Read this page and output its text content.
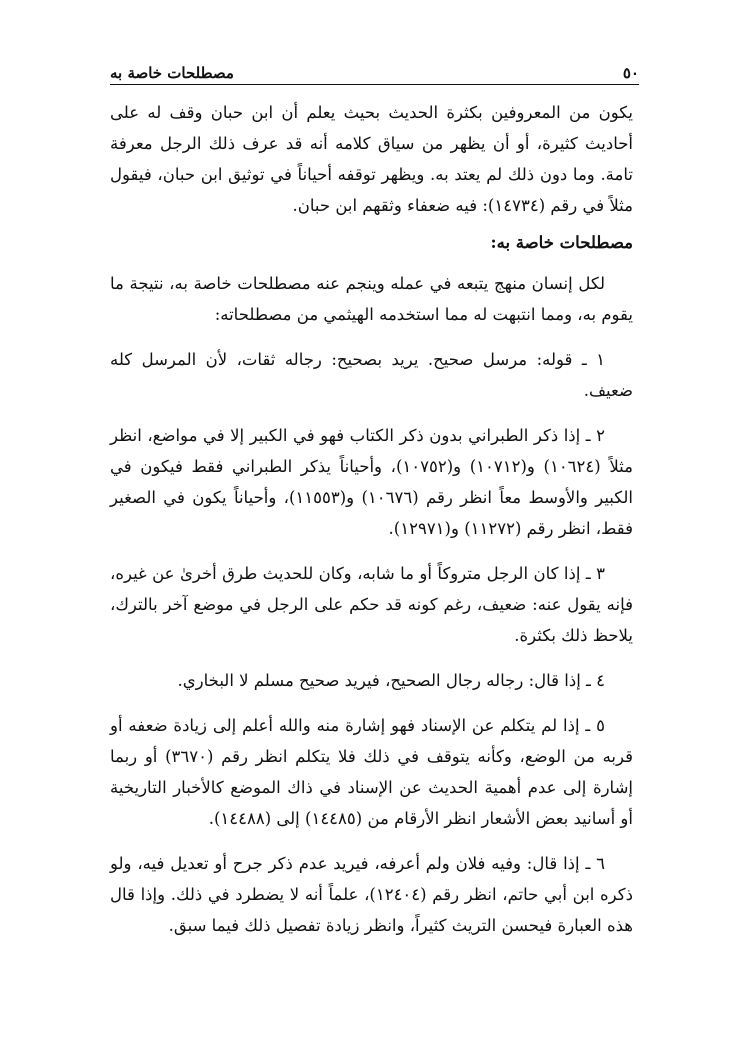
٥٠
مصطلحات خاصة به

يكون من المعروفين بكثرة الحديث بحيث يعلم أن ابن حبان وقف له على أحاديث كثيرة، أو أن يظهر من سياق كلامه أنه قد عرف ذلك الرجل معرفة تامة. وما دون ذلك لم يعتد به. ويظهر توقفه أحياناً في توثيق ابن حبان، فيقول مثلاً في رقم (١٤٧٣٤): فيه ضعفاء وثقهم ابن حبان.

مصطلحات خاصة به:

لكل إنسان منهج يتبعه في عمله وينجم عنه مصطلحات خاصة به، نتيجة ما يقوم به، ومما انتبهت له مما استخدمه الهيثمي من مصطلحاته:

١ ـ قوله: مرسل صحيح. يريد بصحيح: رجاله ثقات، لأن المرسل كله ضعيف.

٢ ـ إذا ذكر الطبراني بدون ذكر الكتاب فهو في الكبير إلا في مواضع، انظر مثلاً (١٠٦٢٤) و(١٠٧١٢) و(١٠٧٥٢)، وأحياناً يذكر الطبراني فقط فيكون في الكبير والأوسط معاً انظر رقم (١٠٦٧٦) و(١١٥٥٣)، وأحياناً يكون في الصغير فقط، انظر رقم (١١٢٧٢) و(١٢٩٧١).

٣ ـ إذا كان الرجل متروكاً أو ما شابه، وكان للحديث طرق أخرىٰ عن غيره، فإنه يقول عنه: ضعيف، رغم كونه قد حكم على الرجل في موضع آخر بالترك، يلاحظ ذلك بكثرة.

٤ ـ إذا قال: رجاله رجال الصحيح، فيريد صحيح مسلم لا البخاري.

٥ ـ إذا لم يتكلم عن الإسناد فهو إشارة منه والله أعلم إلى زيادة ضعفه أو قربه من الوضع، وكأنه يتوقف في ذلك فلا يتكلم انظر رقم (٣٦٧٠) أو ربما إشارة إلى عدم أهمية الحديث عن الإسناد في ذاك الموضع كالأخبار التاريخية أو أسانيد بعض الأشعار انظر الأرقام من (١٤٤٨٥) إلى (١٤٤٨٨).

٦ ـ إذا قال: وفيه فلان ولم أعرفه، فيريد عدم ذكر جرح أو تعديل فيه، ولو ذكره ابن أبي حاتم، انظر رقم (١٢٤٠٤)، علماً أنه لا يضطرد في ذلك. وإذا قال هذه العبارة فيحسن التريث كثيراً، وانظر زيادة تفصيل ذلك فيما سبق.
